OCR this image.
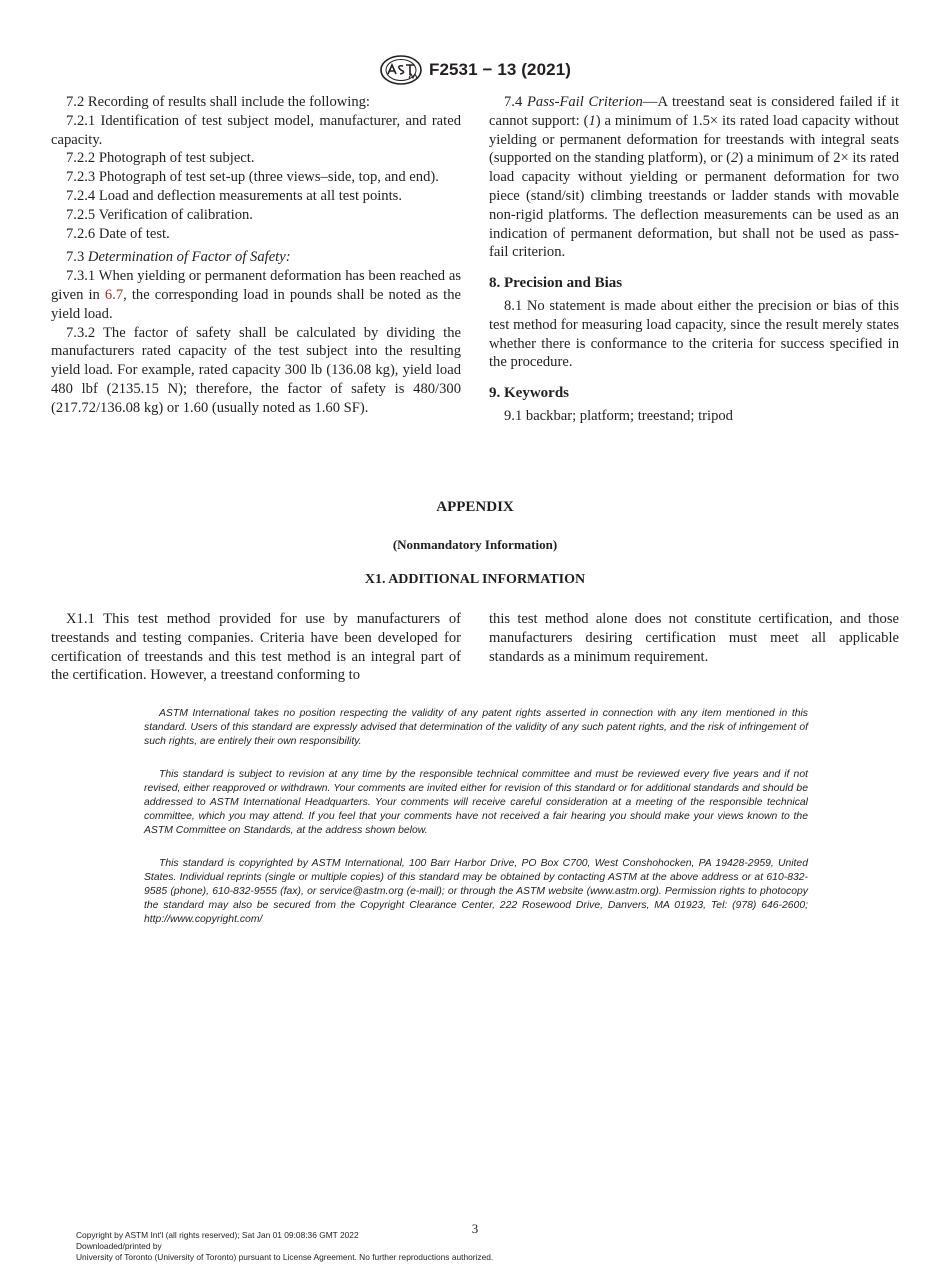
F2531 − 13 (2021)

7.2 Recording of results shall include the following:

7.2.1 Identification of test subject model, manufacturer, and rated capacity.

7.2.2 Photograph of test subject.

7.2.3 Photograph of test set-up (three views–side, top, and end).

7.2.4 Load and deflection measurements at all test points.

7.2.5 Verification of calibration.

7.2.6 Date of test.

7.3 Determination of Factor of Safety:

7.3.1 When yielding or permanent deformation has been reached as given in 6.7, the corresponding load in pounds shall be noted as the yield load.

7.3.2 The factor of safety shall be calculated by dividing the manufacturers rated capacity of the test subject into the resulting yield load. For example, rated capacity 300 lb (136.08 kg), yield load 480 lbf (2135.15 N); therefore, the factor of safety is 480/300 (217.72/136.08 kg) or 1.60 (usually noted as 1.60 SF).

7.4 Pass-Fail Criterion—A treestand seat is considered failed if it cannot support: (1) a minimum of 1.5× its rated load capacity without yielding or permanent deformation for treestands with integral seats (supported on the standing platform), or (2) a minimum of 2× its rated load capacity without yielding or permanent deformation for two piece (stand/sit) climbing treestands or ladder stands with movable non-rigid platforms. The deflection measurements can be used as an indication of permanent deformation, but shall not be used as pass-fail criterion.

8. Precision and Bias

8.1 No statement is made about either the precision or bias of this test method for measuring load capacity, since the result merely states whether there is conformance to the criteria for success specified in the procedure.

9. Keywords

9.1 backbar; platform; treestand; tripod

APPENDIX
(Nonmandatory Information)
X1. ADDITIONAL INFORMATION

X1.1 This test method provided for use by manufacturers of treestands and testing companies. Criteria have been developed for certification of treestands and this test method is an integral part of the certification. However, a treestand conforming to

this test method alone does not constitute certification, and those manufacturers desiring certification must meet all applicable standards as a minimum requirement.

ASTM International takes no position respecting the validity of any patent rights asserted in connection with any item mentioned in this standard. Users of this standard are expressly advised that determination of the validity of any such patent rights, and the risk of infringement of such rights, are entirely their own responsibility.
This standard is subject to revision at any time by the responsible technical committee and must be reviewed every five years and if not revised, either reapproved or withdrawn. Your comments are invited either for revision of this standard or for additional standards and should be addressed to ASTM International Headquarters. Your comments will receive careful consideration at a meeting of the responsible technical committee, which you may attend. If you feel that your comments have not received a fair hearing you should make your views known to the ASTM Committee on Standards, at the address shown below.
This standard is copyrighted by ASTM International, 100 Barr Harbor Drive, PO Box C700, West Conshohocken, PA 19428-2959, United States. Individual reprints (single or multiple copies) of this standard may be obtained by contacting ASTM at the above address or at 610-832-9585 (phone), 610-832-9555 (fax), or service@astm.org (e-mail); or through the ASTM website (www.astm.org). Permission rights to photocopy the standard may also be secured from the Copyright Clearance Center, 222 Rosewood Drive, Danvers, MA 01923, Tel: (978) 646-2600; http://www.copyright.com/
3
Copyright by ASTM Int'l (all rights reserved); Sat Jan 01 09:08:36 GMT 2022
Downloaded/printed by
University of Toronto (University of Toronto) pursuant to License Agreement. No further reproductions authorized.
